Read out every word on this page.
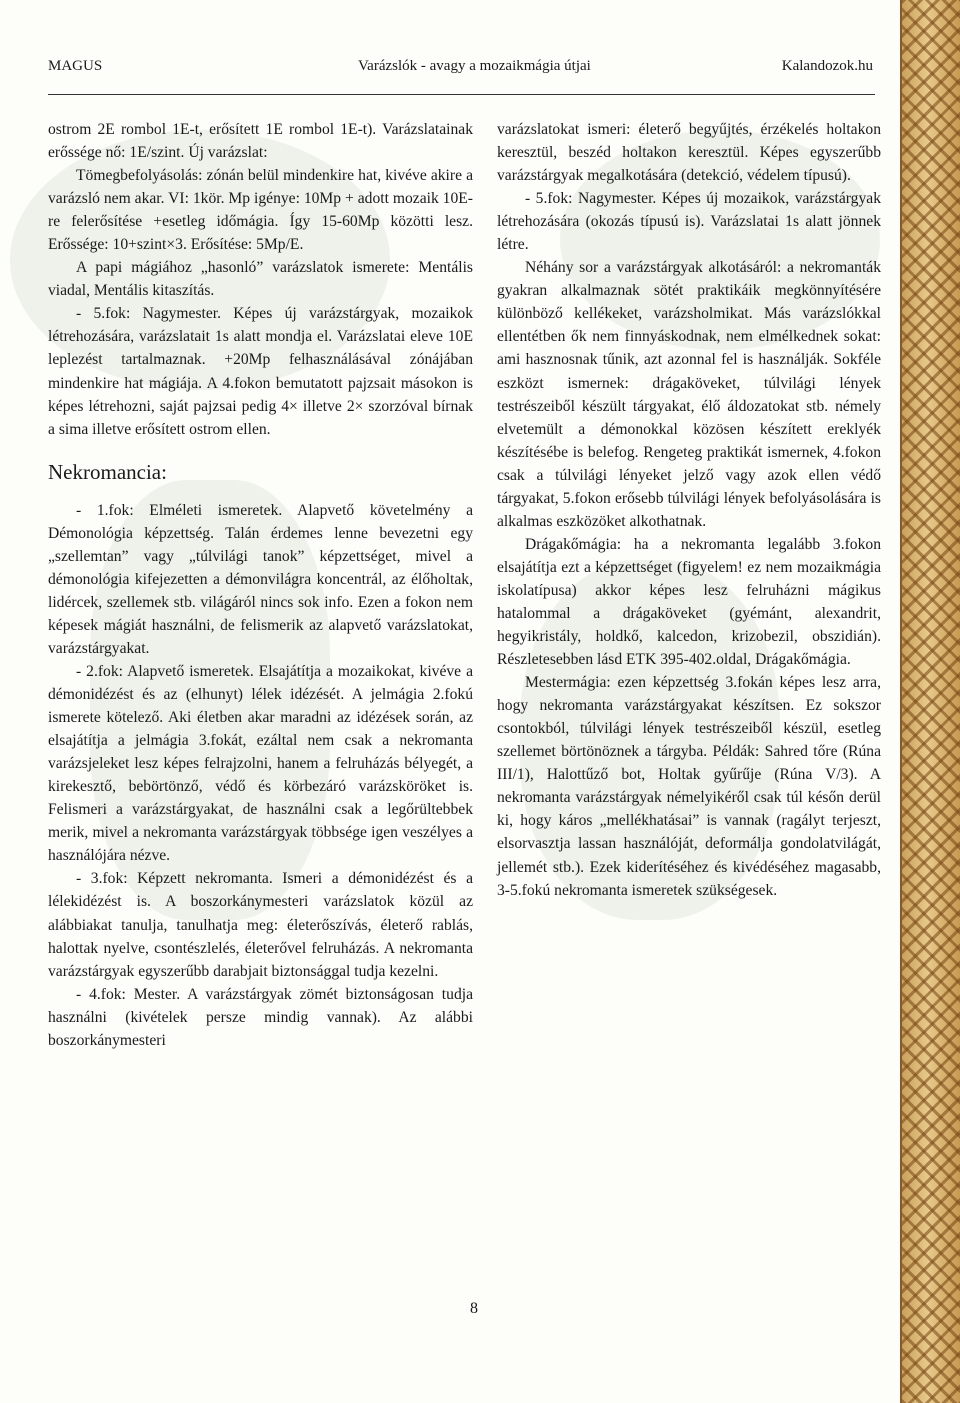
MAGUS	Varázslók - avagy a mozaikmágia útjai	Kalandozok.hu

ostrom 2E rombol 1E-t, erősített 1E rombol 1E-t). Varázslatainak erőssége nő: 1E/szint. Új varázslat:

Tömegbefolyásolás: zónán belül mindenkire hat, kivéve akire a varázsló nem akar. VI: 1kör. Mp igénye: 10Mp + adott mozaik 10E-re felerősítése +esetleg időmágia. Így 15-60Mp közötti lesz. Erőssége: 10+szint×3. Erősítése: 5Mp/E.

A papi mágiához „hasonló” varázslatok ismerete: Mentális viadal, Mentális kitaszítás.

- 5.fok: Nagymester. Képes új varázstárgyak, mozaikok létrehozására, varázslatait 1s alatt mondja el. Varázslatai eleve 10E leplezést tartalmaznak. +20Mp felhasználásával zónájában mindenkire hat mágiája. A 4.fokon bemutatott pajzsait másokon is képes létrehozni, saját pajzsai pedig 4× illetve 2× szorzóval bírnak a sima illetve erősített ostrom ellen.

Nekromancia:

- 1.fok: Elméleti ismeretek. Alapvető követelmény a Démonológia képzettség. Talán érdemes lenne bevezetni egy „szellemtan” vagy „túlvilági tanok” képzettséget, mivel a démonológia kifejezetten a démonvilágra koncentrál, az élőholtak, lidércek, szellemek stb. világáról nincs sok info. Ezen a fokon nem képesek mágiát használni, de felismerik az alapvető varázslatokat, varázstárgyakat.

- 2.fok: Alapvető ismeretek. Elsajátítja a mozaikokat, kivéve a démonidézést és az (elhunyt) lélek idézését. A jelmágia 2.fokú ismerete kötelező. Aki életben akar maradni az idézések során, az elsajátítja a jelmágia 3.fokát, ezáltal nem csak a nekromanta varázsjeleket lesz képes felrajzolni, hanem a felruházás bélyegét, a kirekesztő, bebörtönző, védő és körbezáró varázsköröket is. Felismeri a varázstárgyakat, de használni csak a legőrültebbek merik, mivel a nekromanta varázstárgyak többsége igen veszélyes a használójára nézve.

- 3.fok: Képzett nekromanta. Ismeri a démonidézést és a lélekidézést is. A boszorkánymesteri varázslatok közül az alábbiakat tanulja, tanulhatja meg: életerőszívás, életerő rablás, halottak nyelve, csontészlelés, életerővel felruházás. A nekromanta varázstárgyak egyszerűbb darabjait biztonsággal tudja kezelni.

- 4.fok: Mester. A varázstárgyak zömét biztonságosan tudja használni (kivételek persze mindig vannak). Az alábbi boszorkánymesteri

varázslatokat ismeri: életerő begyűjtés, érzékelés holtakon keresztül, beszéd holtakon keresztül. Képes egyszerűbb varázstárgyak megalkotására (detekció, védelem típusú).

- 5.fok: Nagymester. Képes új mozaikok, varázstárgyak létrehozására (okozás típusú is). Varázslatai 1s alatt jönnek létre.

Néhány sor a varázstárgyak alkotásáról: a nekromanták gyakran alkalmaznak sötét praktikáik megkönnyítésére különböző kellékeket, varázsholmikat. Más varázslókkal ellentétben ők nem finnyáskodnak, nem elmélkednek sokat: ami hasznosnak tűnik, azt azonnal fel is használják. Sokféle eszközt ismernek: drágaköveket, túlvilági lények testrészeiből készült tárgyakat, élő áldozatokat stb. némely elvetemült a démonokkal közösen készített ereklyék készítésébe is belefog. Rengeteg praktikát ismernek, 4.fokon csak a túlvilági lényeket jelző vagy azok ellen védő tárgyakat, 5.fokon erősebb túlvilági lények befolyásolására is alkalmas eszközöket alkothatnak.

Drágakőmágia: ha a nekromanta legalább 3.fokon elsajátítja ezt a képzettséget (figyelem! ez nem mozaikmágia iskolatípusa) akkor képes lesz felruházni mágikus hatalommal a drágaköveket (gyémánt, alexandrit, hegyikristály, holdkő, kalcedon, krizobezil, obszidián). Részletesebben lásd ETK 395-402.oldal, Drágakőmágia.

Mestermágia: ezen képzettség 3.fokán képes lesz arra, hogy nekromanta varázstárgyakat készítsen. Ez sokszor csontokból, túlvilági lények testrészeiből készül, esetleg szellemet börtönöznek a tárgyba. Példák: Sahred tőre (Rúna III/1), Halottűző bot, Holtak gyűrűje (Rúna V/3). A nekromanta varázstárgyak némelyikéről csak túl későn derül ki, hogy káros „mellékhatásai” is vannak (ragályt terjeszt, elsorvasztja lassan használóját, deformálja gondolatvilágát, jellemét stb.). Ezek kiderítéséhez és kivédéséhez magasabb, 3-5.fokú nekromanta ismeretek szükségesek.

8
